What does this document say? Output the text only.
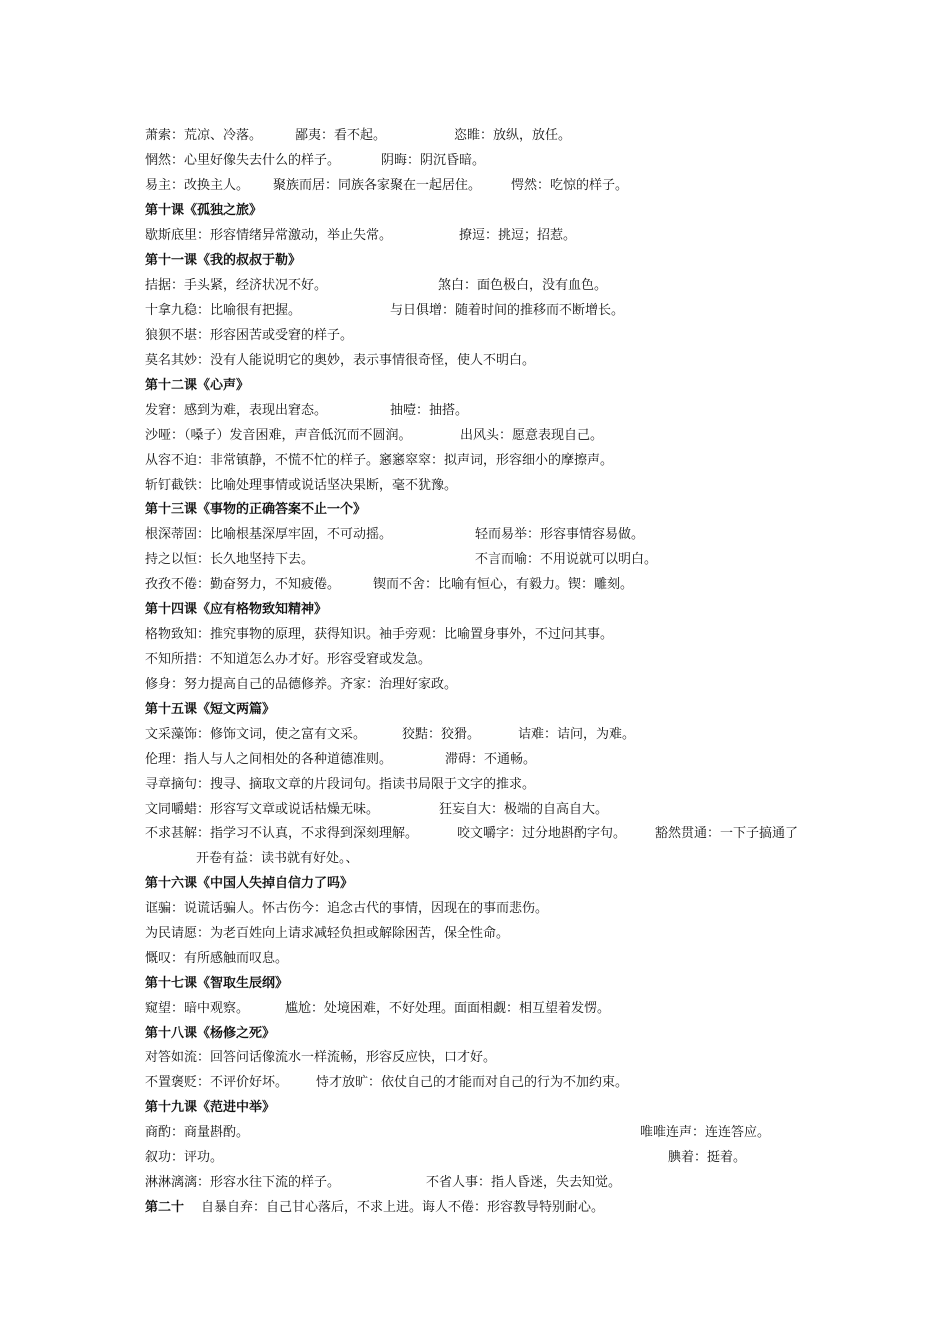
萧索：荒凉、冷落。	鄙夷：看不起。	恣睢：放纵，放任。
惘然：心里好像失去什么的样子。	阴晦：阴沉昏暗。
易主：改换主人。 聚族而居：同族各家聚在一起居住。 愕然：吃惊的样子。
第十课《孤独之旅》
歇斯底里：形容情绪异常激动，举止失常。	撩逗：挑逗；招惹。
第十一课《我的叔叔于勒》
拮据：手头紧，经济状况不好。	煞白：面色极白，没有血色。
十拿九稳：比喻很有把握。	与日俱增：随着时间的推移而不断增长。
狼狈不堪：形容困苦或受窘的样子。
莫名其妙：没有人能说明它的奥妙，表示事情很奇怪，使人不明白。
第十二课《心声》
发窘：感到为难，表现出窘态。	抽噎：抽搭。
沙哑：（嗓子）发音困难，声音低沉而不圆润。	出风头：愿意表现自己。
从容不迫：非常镇静，不慌不忙的样子。窸窸窣窣：拟声词，形容细小的摩擦声。
斩钉截铁：比喻处理事情或说话坚决果断，毫不犹豫。
第十三课《事物的正确答案不止一个》
根深蒂固：比喻根基深厚牢固，不可动摇。	轻而易举：形容事情容易做。
持之以恒：长久地坚持下去。	不言而喻：不用说就可以明白。
孜孜不倦：勤奋努力，不知疲倦。	锲而不舍：比喻有恒心，有毅力。锲：雕刻。
第十四课《应有格物致知精神》
格物致知：推究事物的原理，获得知识。袖手旁观：比喻置身事外，不过问其事。
不知所措：不知道怎么办才好。形容受窘或发急。
修身：努力提高自己的品德修养。齐家：治理好家政。
第十五课《短文两篇》
文采藻饰：修饰文词，使之富有文采。	狡黠：狡猾。	诘难：诘问，为难。
伦理：指人与人之间相处的各种道德准则。	滞碍：不通畅。
寻章摘句：搜寻、摘取文章的片段词句。指读书局限于文字的推求。
文同嚼蜡：形容写文章或说话枯燥无味。	狂妄自大：极端的自高自大。
不求甚解：指学习不认真，不求得到深刻理解。	咬文嚼字：过分地斟酌字句。 豁然贯通：一下子搞通了
开卷有益：读书就有好处。、
第十六课《中国人失掉自信力了吗》
诓骗：说谎话骗人。怀古伤今：追念古代的事情，因现在的事而悲伤。
为民请愿：为老百姓向上请求减轻负担或解除困苦，保全性命。
慨叹：有所感触而叹息。
第十七课《智取生辰纲》
窥望：暗中观察。	尴尬：处境困难，不好处理。面面相觑：相互望着发愣。
第十八课《杨修之死》
对答如流：回答问话像流水一样流畅，形容反应快，口才好。
不置褒贬：不评价好坏。 恃才放旷：依仗自己的才能而对自己的行为不加约束。
第十九课《范进中举》
商酌：商量斟酌。	唯唯连声：连连答应。
叙功：评功。	腆着：挺着。
淋淋漓漓：形容水往下流的样子。	不省人事：指人昏迷，失去知觉。
第二十 自暴自弃：自己甘心落后，不求上进。诲人不倦：形容教导特别耐心。
